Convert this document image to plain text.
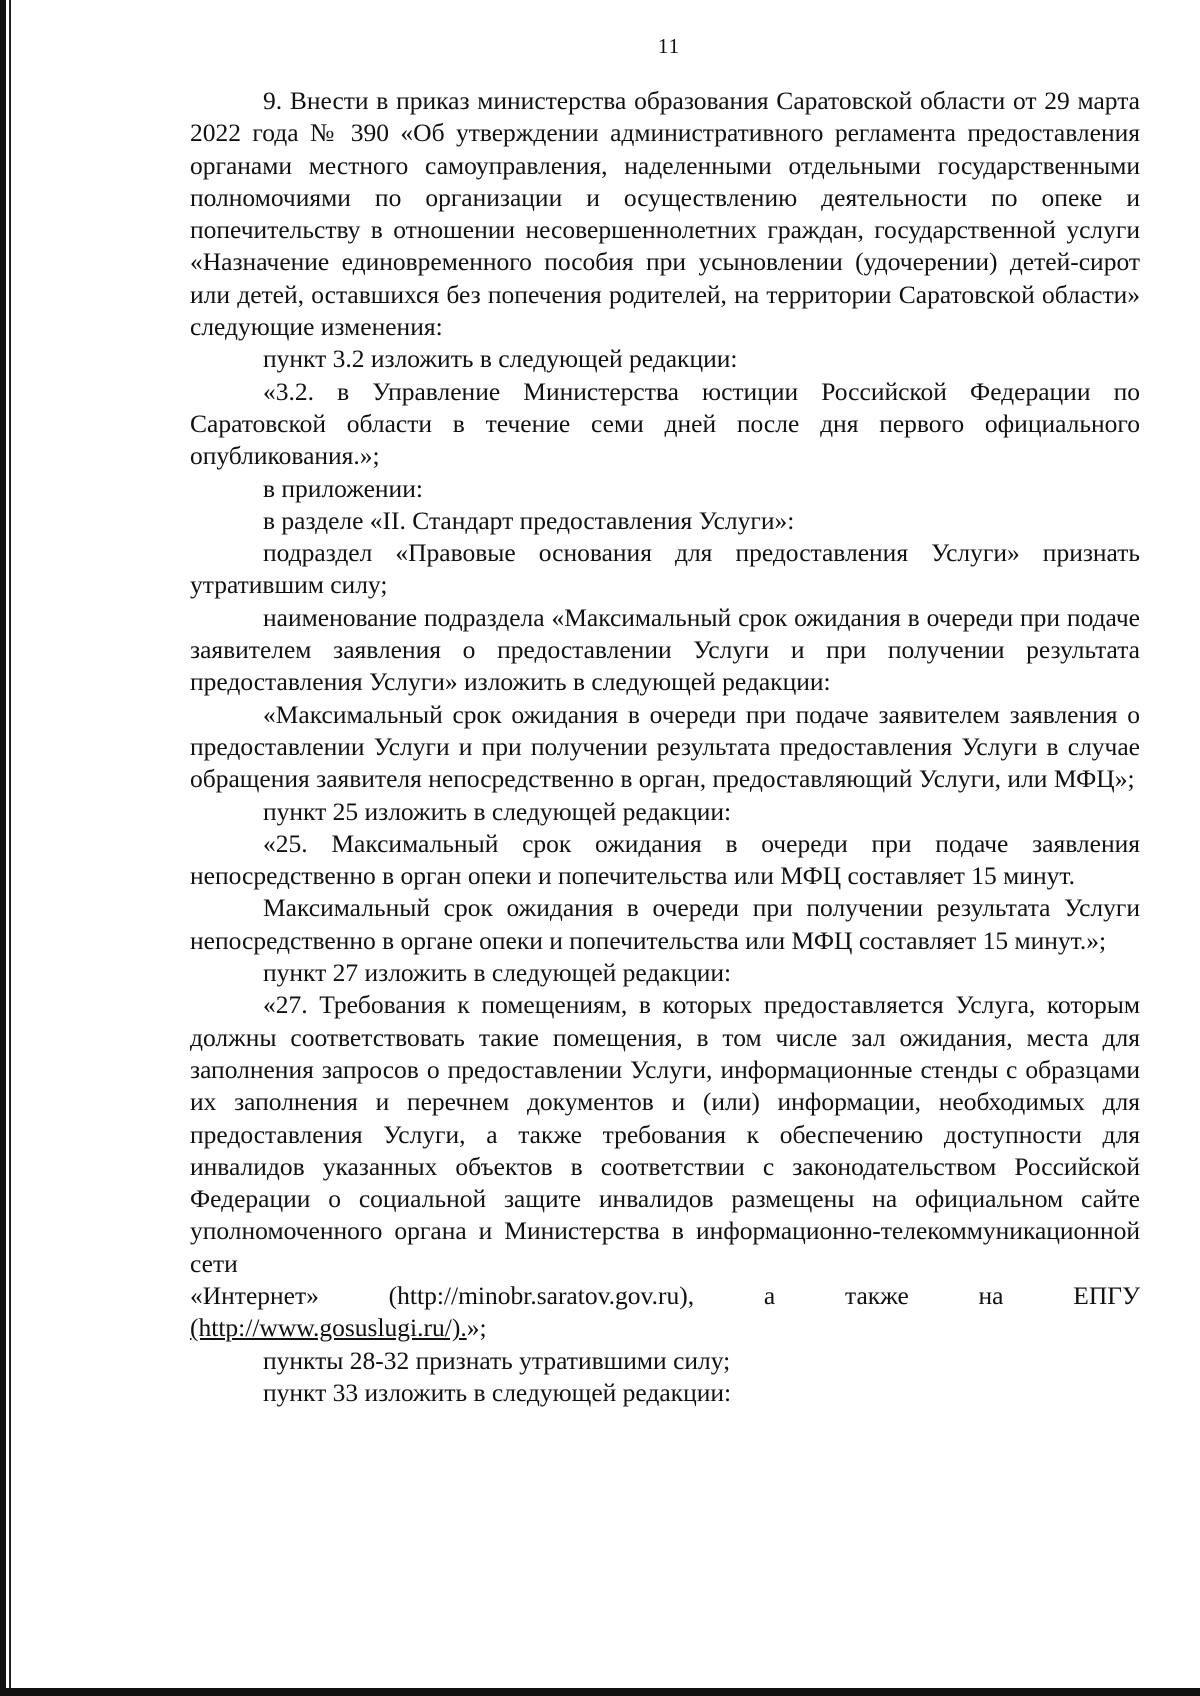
11

9. Внести в приказ министерства образования Саратовской области от 29 марта 2022 года № 390 «Об утверждении административного регламента предоставления органами местного самоуправления, наделенными отдельными государственными полномочиями по организации и осуществлению деятельности по опеке и попечительству в отношении несовершеннолетних граждан, государственной услуги «Назначение единовременного пособия при усыновлении (удочерении) детей-сирот или детей, оставшихся без попечения родителей, на территории Саратовской области» следующие изменения:

пункт 3.2 изложить в следующей редакции:

«3.2. в Управление Министерства юстиции Российской Федерации по Саратовской области в течение семи дней после дня первого официального опубликования.»;

в приложении:

в разделе «II. Стандарт предоставления Услуги»:

подраздел «Правовые основания для предоставления Услуги» признать утратившим силу;

наименование подраздела «Максимальный срок ожидания в очереди при подаче заявителем заявления о предоставлении Услуги и при получении результата предоставления Услуги» изложить в следующей редакции:

«Максимальный срок ожидания в очереди при подаче заявителем заявления о предоставлении Услуги и при получении результата предоставления Услуги в случае обращения заявителя непосредственно в орган, предоставляющий Услуги, или МФЦ»;

пункт 25 изложить в следующей редакции:

«25. Максимальный срок ожидания в очереди при подаче заявления непосредственно в орган опеки и попечительства или МФЦ составляет 15 минут.

Максимальный срок ожидания в очереди при получении результата Услуги непосредственно в органе опеки и попечительства или МФЦ составляет 15 минут.»;

пункт 27 изложить в следующей редакции:

«27. Требования к помещениям, в которых предоставляется Услуга, которым должны соответствовать такие помещения, в том числе зал ожидания, места для заполнения запросов о предоставлении Услуги, информационные стенды с образцами их заполнения и перечнем документов и (или) информации, необходимых для предоставления Услуги, а также требования к обеспечению доступности для инвалидов указанных объектов в соответствии с законодательством Российской Федерации о социальной защите инвалидов размещены на официальном сайте уполномоченного органа и Министерства в информационно-телекоммуникационной сети

«Интернет»	(http://minobr.saratov.gov.ru),	а	также	на	ЕПГУ

(http://www.gosuslugi.ru/).»;

пункты 28-32 признать утратившими силу;

пункт 33 изложить в следующей редакции:
